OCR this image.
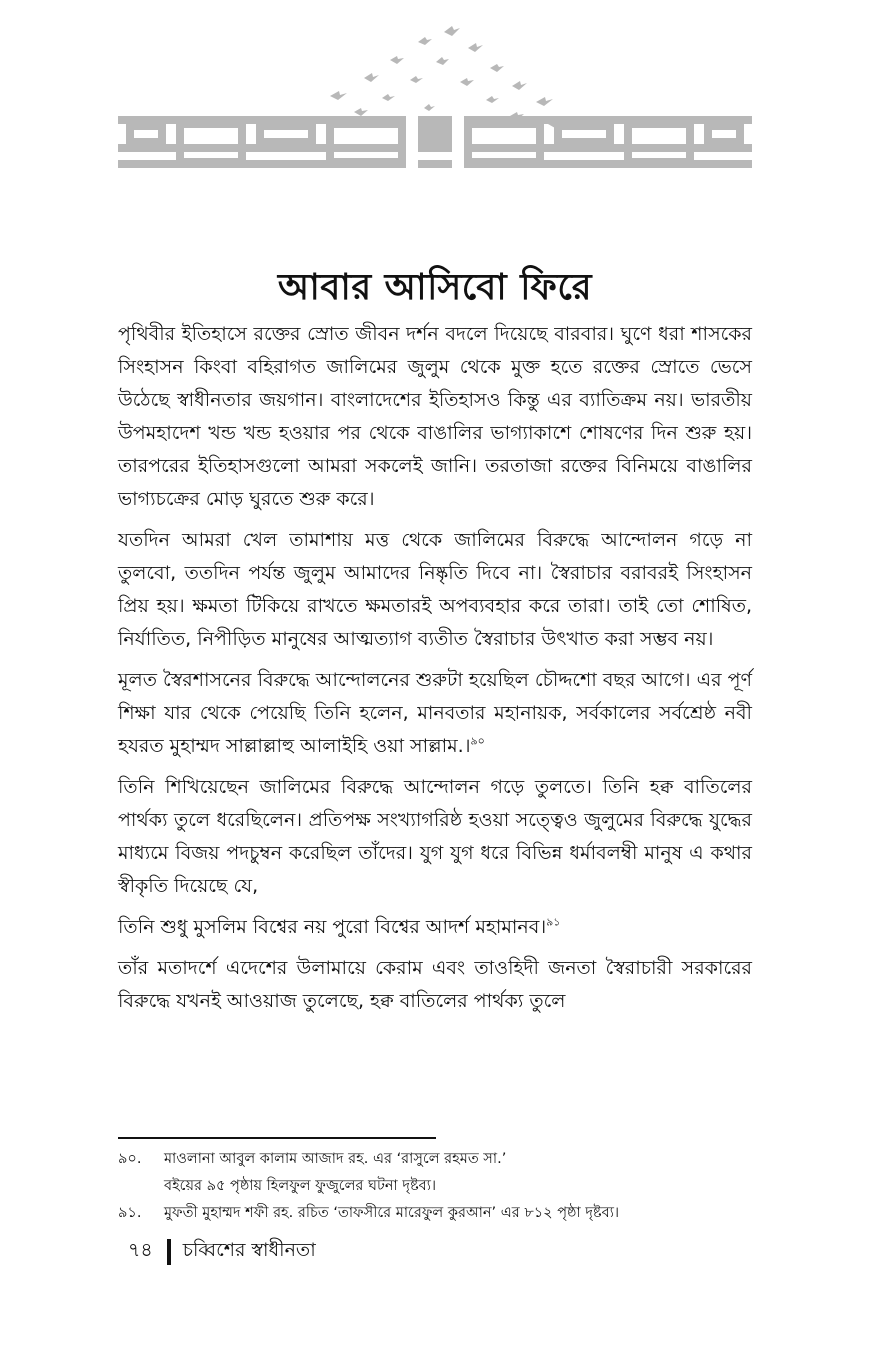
আবার আসিবো ফিরে

পৃথিবীর ইতিহাসে রক্তের স্রোত জীবন দর্শন বদলে দিয়েছে বারবার। ঘুণে ধরা শাসকের সিংহাসন কিংবা বহিরাগত জালিমের জুলুম থেকে মুক্ত হতে রক্তের স্রোতে ভেসে উঠেছে স্বাধীনতার জয়গান। বাংলাদেশের ইতিহাসও কিন্তু এর ব্যাতিক্রম নয়। ভারতীয় উপমহাদেশ খন্ড খন্ড হওয়ার পর থেকে বাঙালির ভাগ্যাকাশে শোষণের দিন শুরু হয়। তারপরের ইতিহাসগুলো আমরা সকলেই জানি। তরতাজা রক্তের বিনিময়ে বাঙালির ভাগ্যচক্রের মোড় ঘুরতে শুরু করে।

যতদিন আমরা খেল তামাশায় মত্ত থেকে জালিমের বিরুদ্ধে আন্দোলন গড়ে না তুলবো, ততদিন পর্যন্ত জুলুম আমাদের নিষ্কৃতি দিবে না। স্বৈরাচার বরাবরই সিংহাসন প্রিয় হয়। ক্ষমতা টিকিয়ে রাখতে ক্ষমতারই অপব্যবহার করে তারা। তাই তো শোষিত, নির্যাতিত, নিপীড়িত মানুষের আত্মত্যাগ ব্যতীত স্বৈরাচার উৎখাত করা সম্ভব নয়।

মূলত স্বৈরশাসনের বিরুদ্ধে আন্দোলনের শুরুটা হয়েছিল চৌদ্দশো বছর আগে। এর পূর্ণ শিক্ষা যার থেকে পেয়েছি তিনি হলেন, মানবতার মহানায়ক, সর্বকালের সর্বশ্রেষ্ঠ নবী হযরত মুহাম্মদ সাল্লাল্লাহু আলাইহি ওয়া সাল্লাম.।$^{৯০}$

তিনি শিখিয়েছেন জালিমের বিরুদ্ধে আন্দোলন গড়ে তুলতে। তিনি হক্ব বাতিলের পার্থক্য তুলে ধরেছিলেন। প্রতিপক্ষ সংখ্যাগরিষ্ঠ হওয়া সত্ত্বেও জুলুমের বিরুদ্ধে যুদ্ধের মাধ্যমে বিজয় পদচুম্বন করেছিল তাঁদের। যুগ যুগ ধরে বিভিন্ন ধর্মাবলম্বী মানুষ এ কথার স্বীকৃতি দিয়েছে যে,

তিনি শুধু মুসলিম বিশ্বের নয় পুরো বিশ্বের আদর্শ মহামানব।$^{৯১}$

তাঁর মতাদর্শে এদেশের উলামায়ে কেরাম এবং তাওহিদী জনতা স্বৈরাচারী সরকারের বিরুদ্ধে যখনই আওয়াজ তুলেছে, হক্ব বাতিলের পার্থক্য তুলে

৯০.	মাওলানা আবুল কালাম আজাদ রহ. এর ‘রাসুলে রহমত সা.’
বইয়ের ৯৫ পৃষ্ঠায় হিলফুল ফুজুলের ঘটনা দৃষ্টব্য।
৯১.	মুফতী মুহাম্মদ শফী রহ. রচিত ‘তাফসীরে মারেফুল কুরআন’ এর ৮১২ পৃষ্ঠা দৃষ্টব্য।
৭৪ চব্বিশের স্বাধীনতা
